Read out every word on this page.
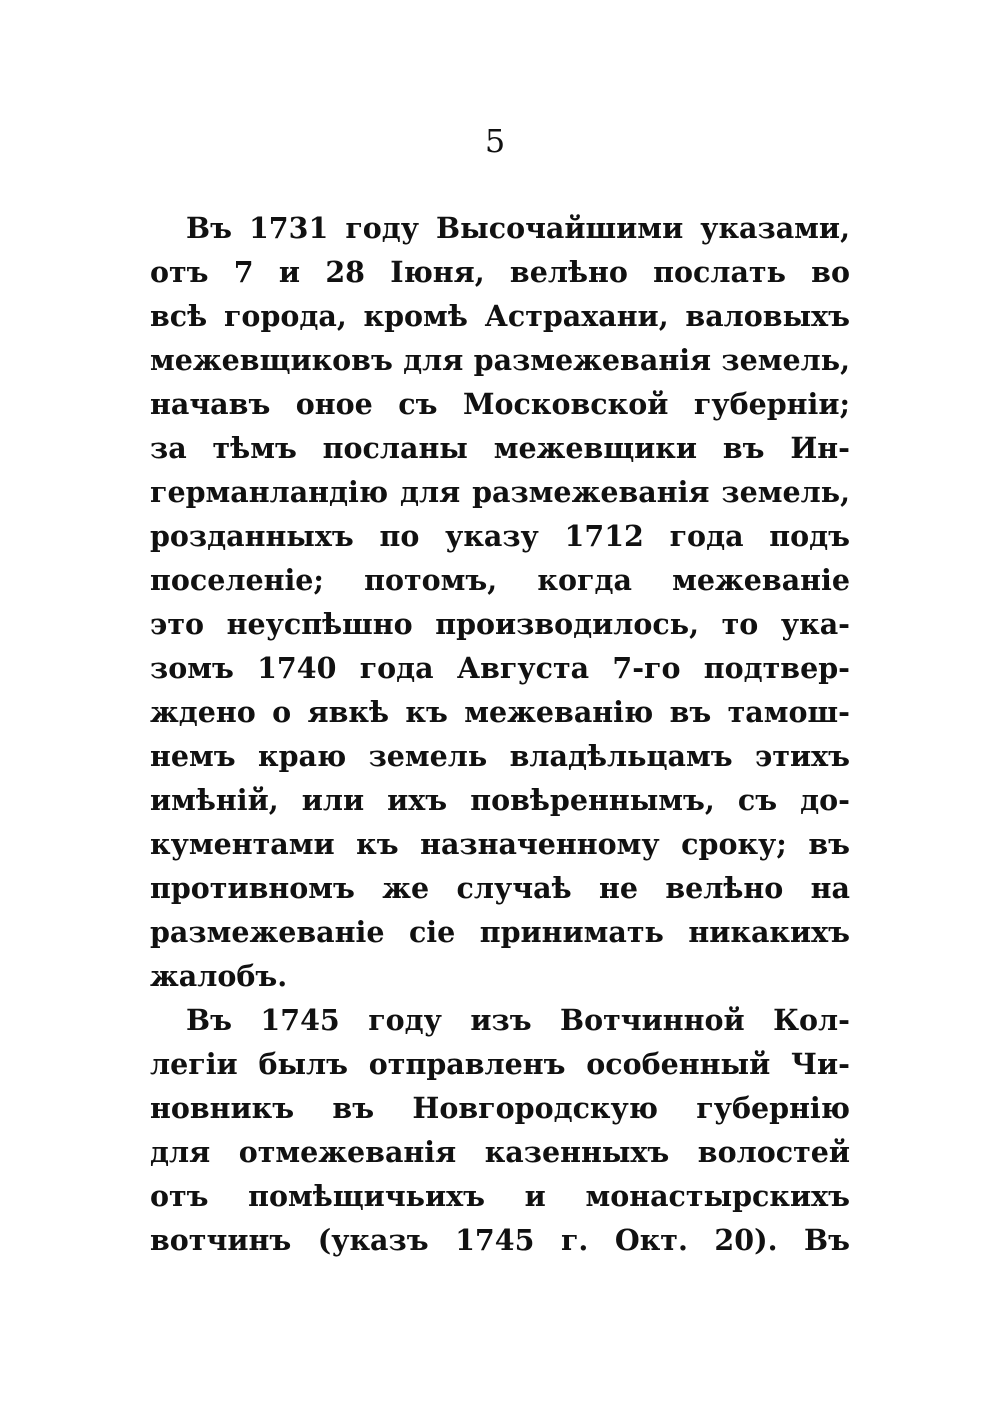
5
Въ 1731 году Высочайшими указами,
отъ 7 и 28 Іюня, велѣно послать во
всѣ города, кромѣ Астрахани, валовыхъ
межевщиковъ для размежеванія земель,
начавъ оное съ Московской губерніи;
за тѣмъ посланы межевщики въ Ин-
германландію для размежеванія земель,
розданныхъ по указу 1712 года подъ
поселеніе; потомъ, когда межеваніе
это неуспѣшно производилось, то ука-
зомъ 1740 года Августа 7-го подтвер-
ждено о явкѣ къ межеванію въ тамош-
немъ краю земель владѣльцамъ этихъ
имѣній, или ихъ повѣреннымъ, съ до-
кументами къ назначенному сроку; въ
противномъ же случаѣ не велѣно на
размежеваніе сіе принимать никакихъ
жалобъ.
Въ 1745 году изъ Вотчинной Кол-
легіи былъ отправленъ особенный Чи-
новникъ въ Новгородскую губернію
для отмежеванія казенныхъ волостей
отъ помѣщичьихъ и монастырскихъ
вотчинъ (указъ 1745 г. Окт. 20). Въ
